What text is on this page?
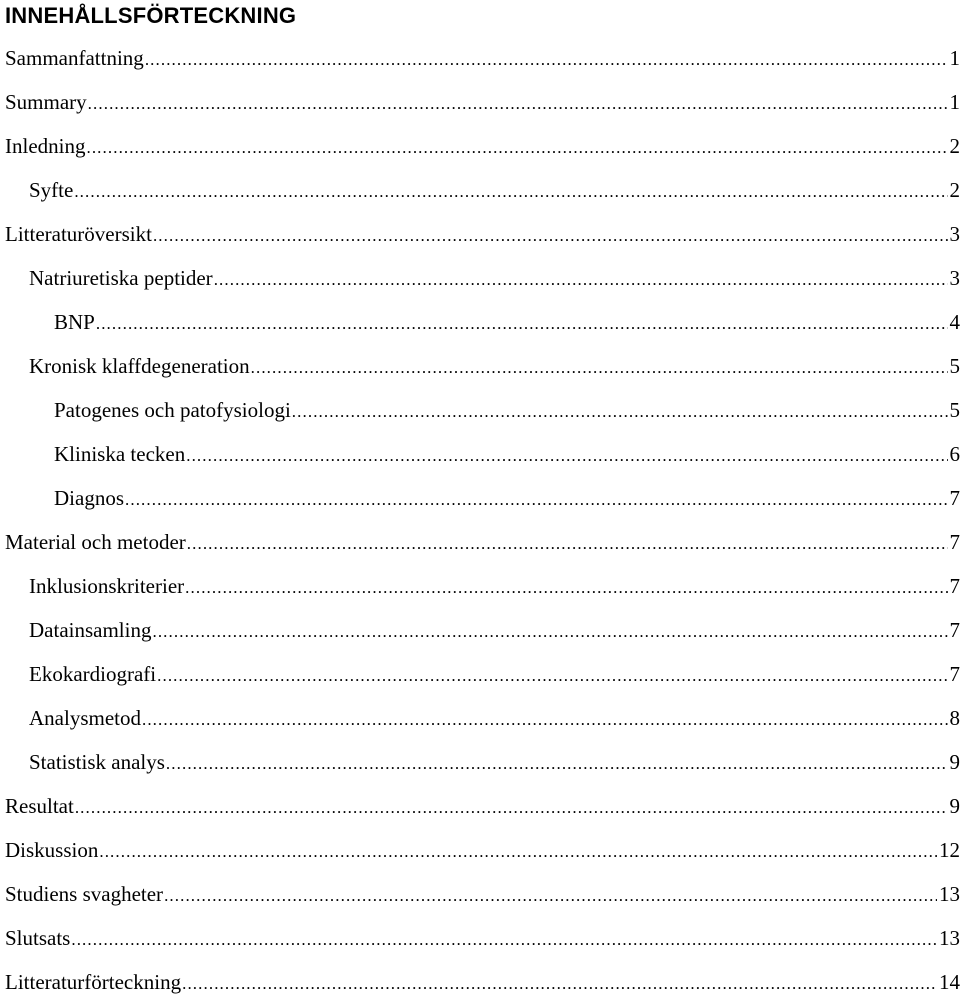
INNEHÅLLSFÖRTECKNING
Sammanfattning .....	1
Summary .....	1
Inledning .....	2
Syfte .....	2
Litteraturöversikt .....	3
Natriuretiska peptider .....	3
BNP .....	4
Kronisk klaffdegeneration .....	5
Patogenes och patofysiologi .....	5
Kliniska tecken .....	6
Diagnos .....	7
Material och metoder .....	7
Inklusionskriterier .....	7
Datainsamling .....	7
Ekokardiografi .....	7
Analysmetod .....	8
Statistisk analys .....	9
Resultat .....	9
Diskussion .....	12
Studiens svagheter .....	13
Slutsats .....	13
Litteraturförteckning .....	14
